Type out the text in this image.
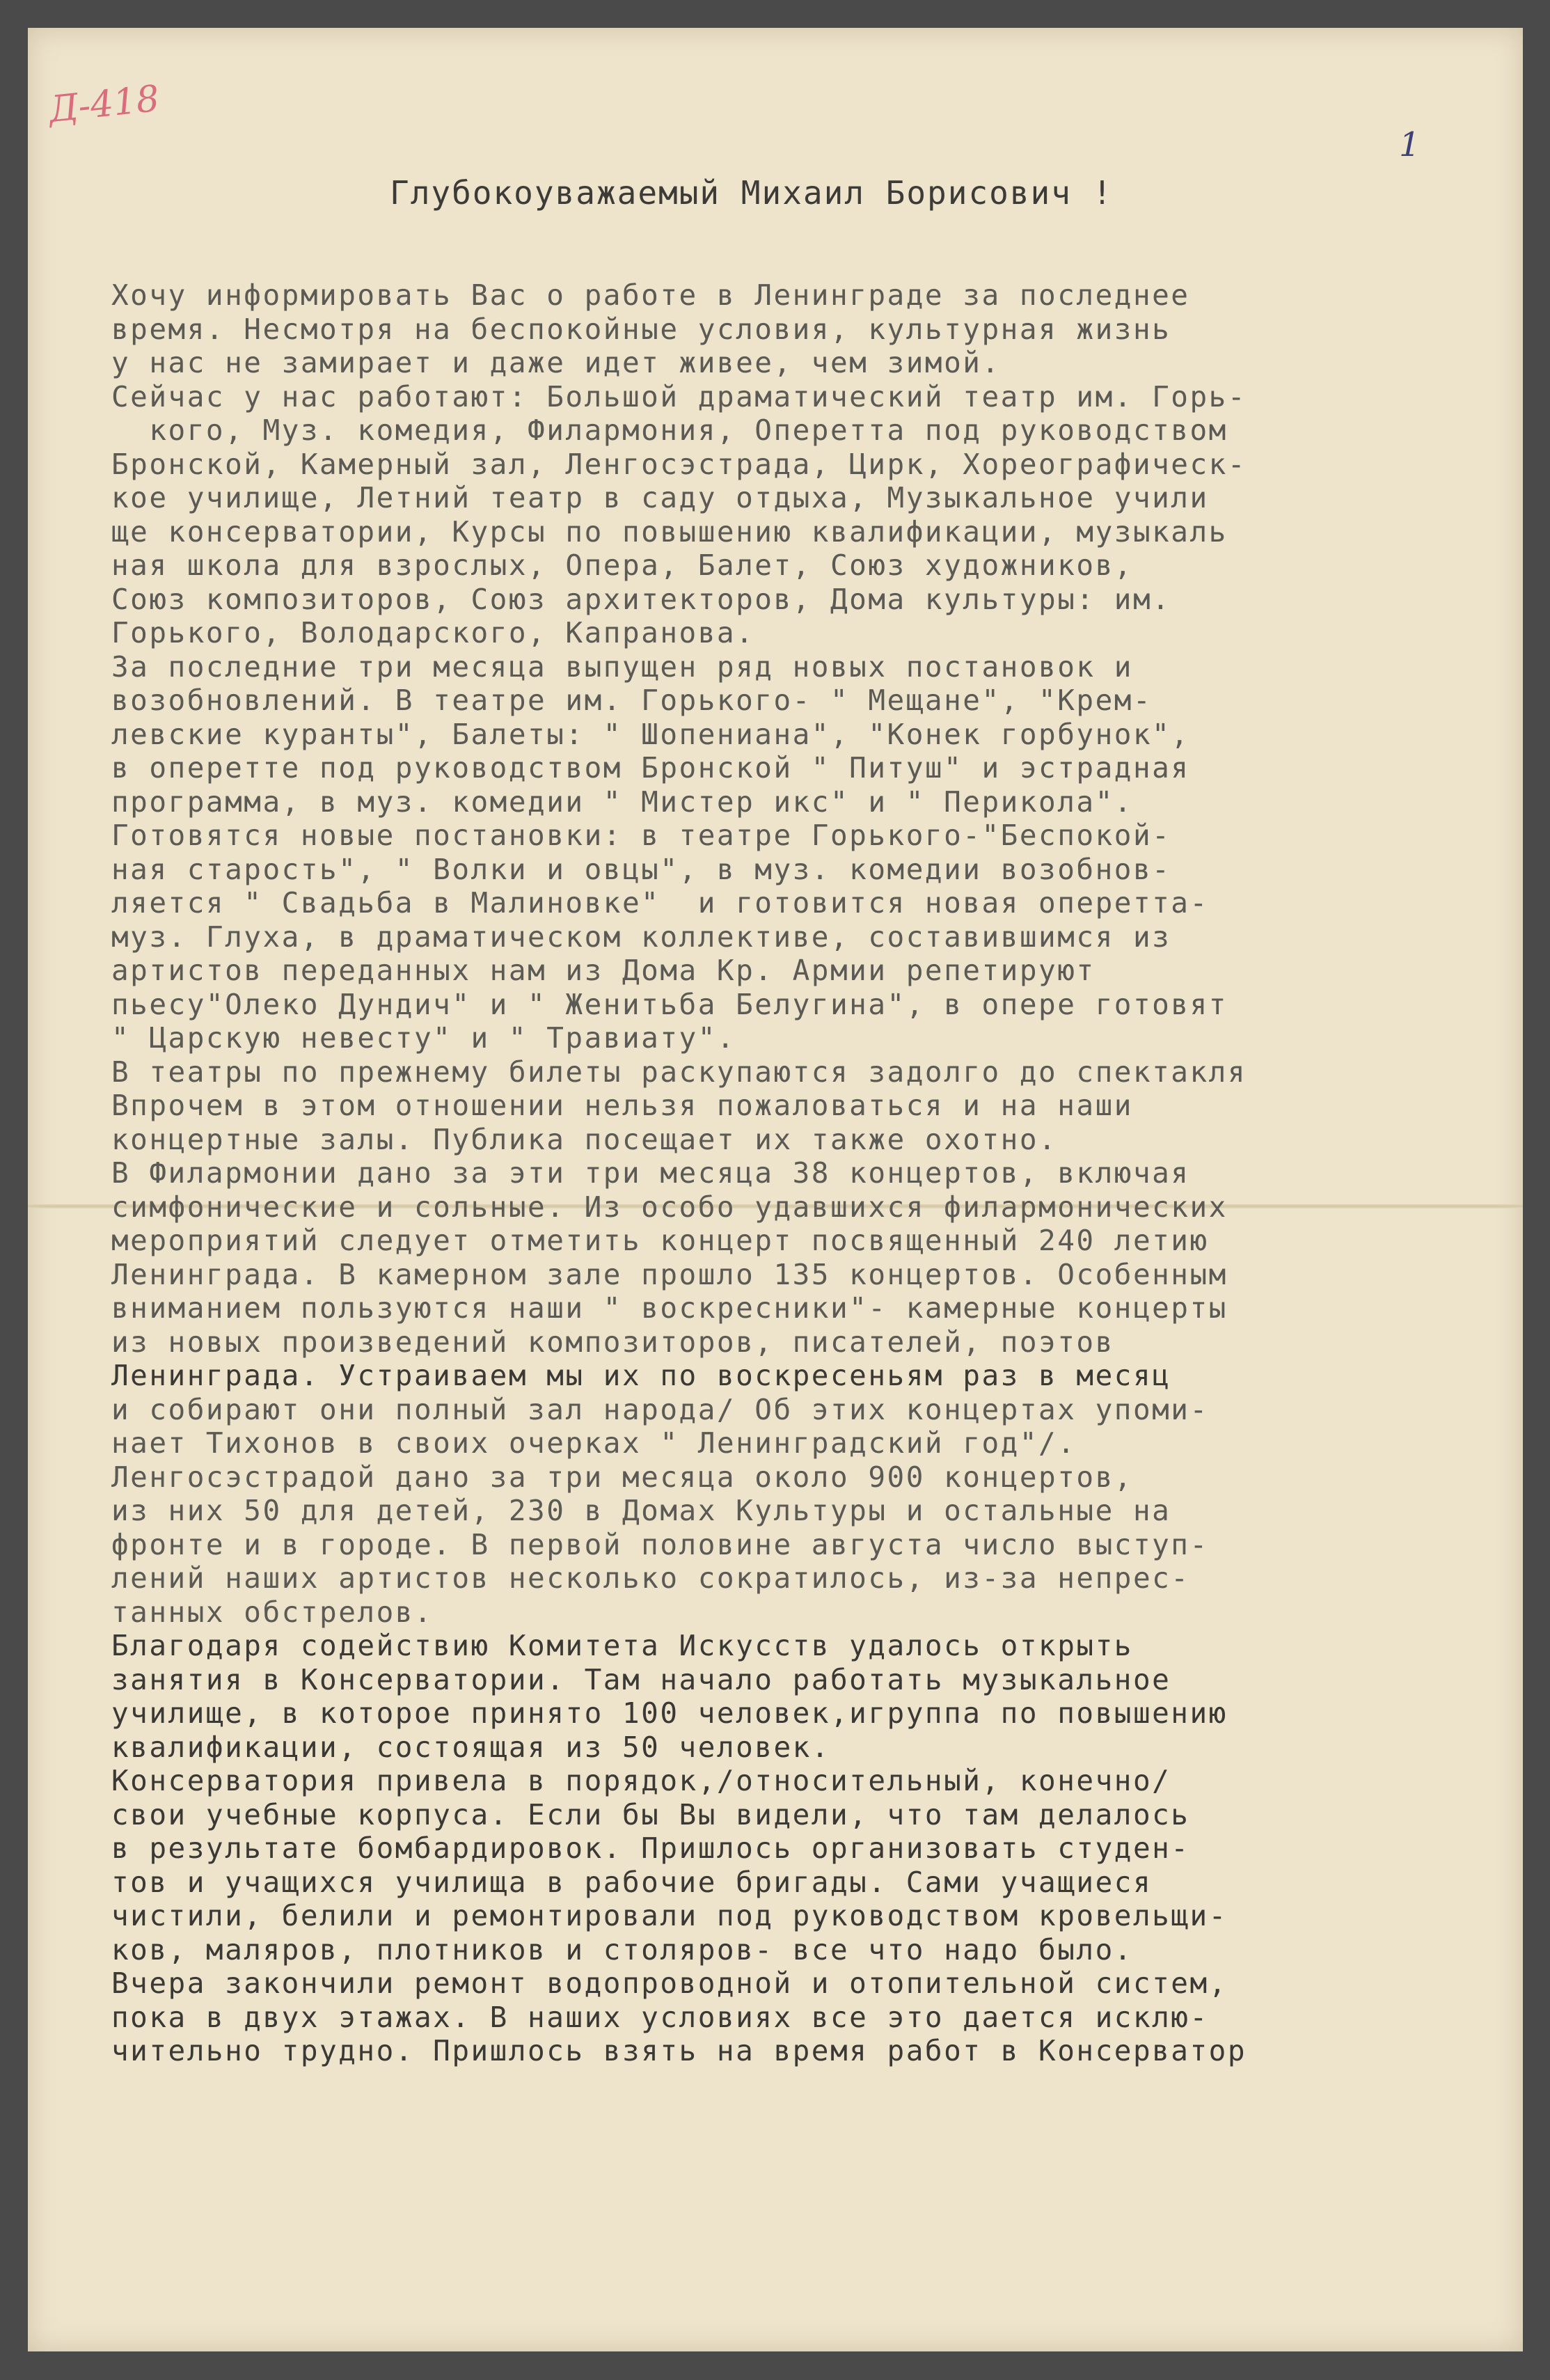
Д-418
1
Глубокоуважаемый Михаил Борисович !
Хочу информировать Вас о работе в Ленинграде за последнее
время. Несмотря на беспокойные условия, культурная жизнь
у нас не замирает и даже идет живее, чем зимой.
Сейчас у нас работают: Большой драматический театр им. Горь-
кого, Муз. комедия, Филармония, Оперетта под руководством
Бронской, Камерный зал, Ленгосэстрада, Цирк, Хореографическ-
кое училище, Летний театр в саду отдыха, Музыкальное учили
ще консерватории, Курсы по повышению квалификации, музыкаль
ная школа для взрослых, Опера, Балет, Союз художников,
Союз композиторов, Союз архитекторов, Дома культуры: им.
Горького, Володарского, Капранова.
За последние три месяца выпущен ряд новых постановок и
возобновлений. В театре им. Горького- " Мещане", "Крем-
левские куранты", Балеты: " Шопениана", "Конек горбунок",
в оперетте под руководством Бронской " Питуш" и эстрадная
программа, в муз. комедии " Мистер икс" и " Перикола".
Готовятся новые постановки: в театре Горького-"Беспокой-
ная старость", " Волки и овцы", в муз. комедии возобнов-
ляется " Свадьба в Малиновке"  и готовится новая оперетта-
муз. Глуха, в драматическом коллективе, составившимся из
артистов переданных нам из Дома Кр. Армии репетируют
пьесу"Олеко Дундич" и " Женитьба Белугина", в опере готовят
" Царскую невесту" и " Травиату".
В театры по прежнему билеты раскупаются задолго до спектакля
Впрочем в этом отношении нельзя пожаловаться и на наши
концертные залы. Публика посещает их также охотно.
В Филармонии дано за эти три месяца 38 концертов, включая
симфонические и сольные. Из особо удавшихся филармонических
мероприятий следует отметить концерт посвященный 240 летию
Ленинграда. В камерном зале прошло 135 концертов. Особенным
вниманием пользуются наши " воскресники"- камерные концерты
из новых произведений композиторов, писателей, поэтов
Ленинграда. Устраиваем мы их по воскресеньям раз в месяц
и собирают они полный зал народа/ Об этих концертах упоми-
нает Тихонов в своих очерках " Ленинградский год"/.
Ленгосэстрадой дано за три месяца около 900 концертов,
из них 50 для детей, 230 в Домах Культуры и остальные на
фронте и в городе. В первой половине августа число выступ-
лений наших артистов несколько сократилось, из-за непрес-
танных обстрелов.
Благодаря содействию Комитета Искусств удалось открыть
занятия в Консерватории. Там начало работать музыкальное
училище, в которое принято 100 человек,игруппа по повышению
квалификации, состоящая из 50 человек.
Консерватория привела в порядок,/относительный, конечно/
свои учебные корпуса. Если бы Вы видели, что там делалось
в результате бомбардировок. Пришлось организовать студен-
тов и учащихся училища в рабочие бригады. Сами учащиеся
чистили, белили и ремонтировали под руководством кровельщи-
ков, маляров, плотников и столяров- все что надо было.
Вчера закончили ремонт водопроводной и отопительной систем,
пока в двух этажах. В наших условиях все это дается исклю-
чительно трудно. Пришлось взять на время работ в Консерватор
